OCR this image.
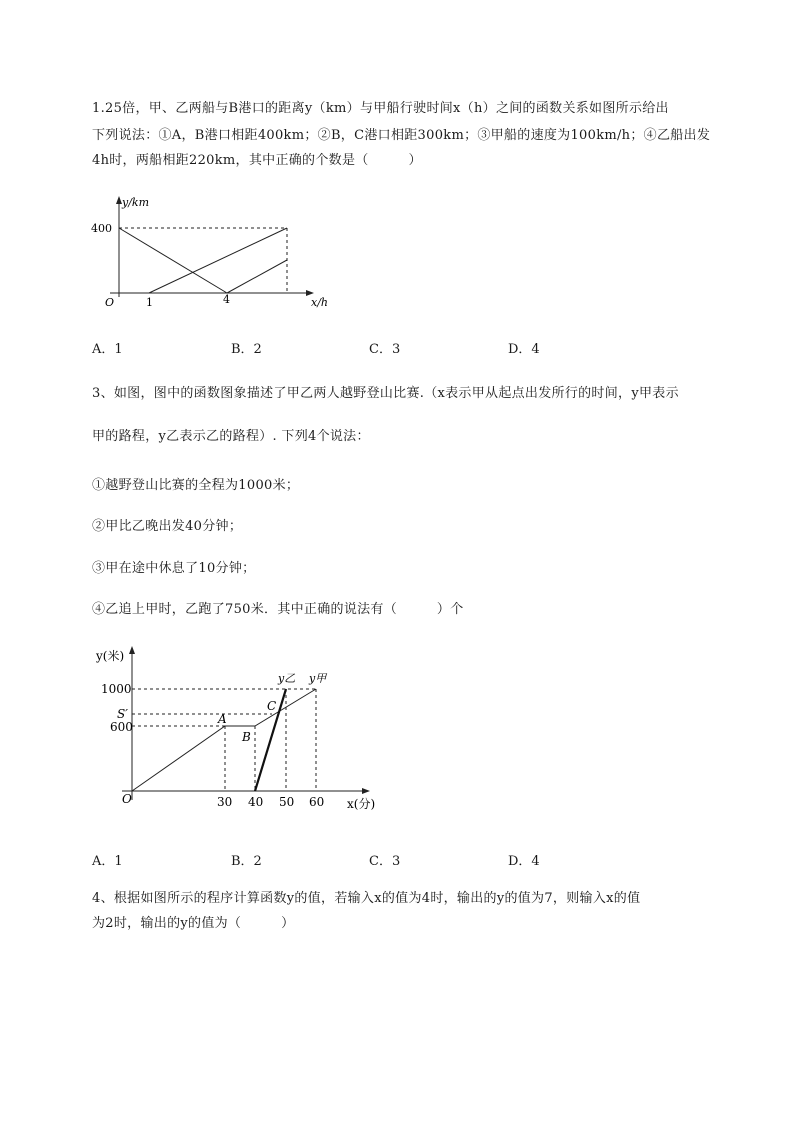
1.25倍，甲、乙两船与B港口的距离y（km）与甲船行驶时间x（h）之间的函数关系如图所示给出
下列说法：①A，B港口相距400km；②B，C港口相距300km；③甲船的速度为100km/h；④乙船出发
4h时，两船相距220km，其中正确的个数是（　　　）
y/km
x/h
O
400
1	4
A．1	B．2	C．3	D．4
3、如图，图中的函数图象描述了甲乙两人越野登山比赛.（x表示甲从起点出发所行的时间，y甲表示
甲的路程，y乙表示乙的路程）. 下列4个说法：
①越野登山比赛的全程为1000米；
②甲比乙晚出发40分钟；
③甲在途中休息了10分钟；
④乙追上甲时，乙跑了750米．其中正确的说法有（　　　）个
y(米)
x(分)
O
1000
S′
600
30 40 50 60
A
B
C
y乙 y甲
A．1	B．2	C．3	D．4
4、根据如图所示的程序计算函数y的值，若输入x的值为4时，输出的y的值为7，则输入x的值
为2时，输出的y的值为（　　　）
